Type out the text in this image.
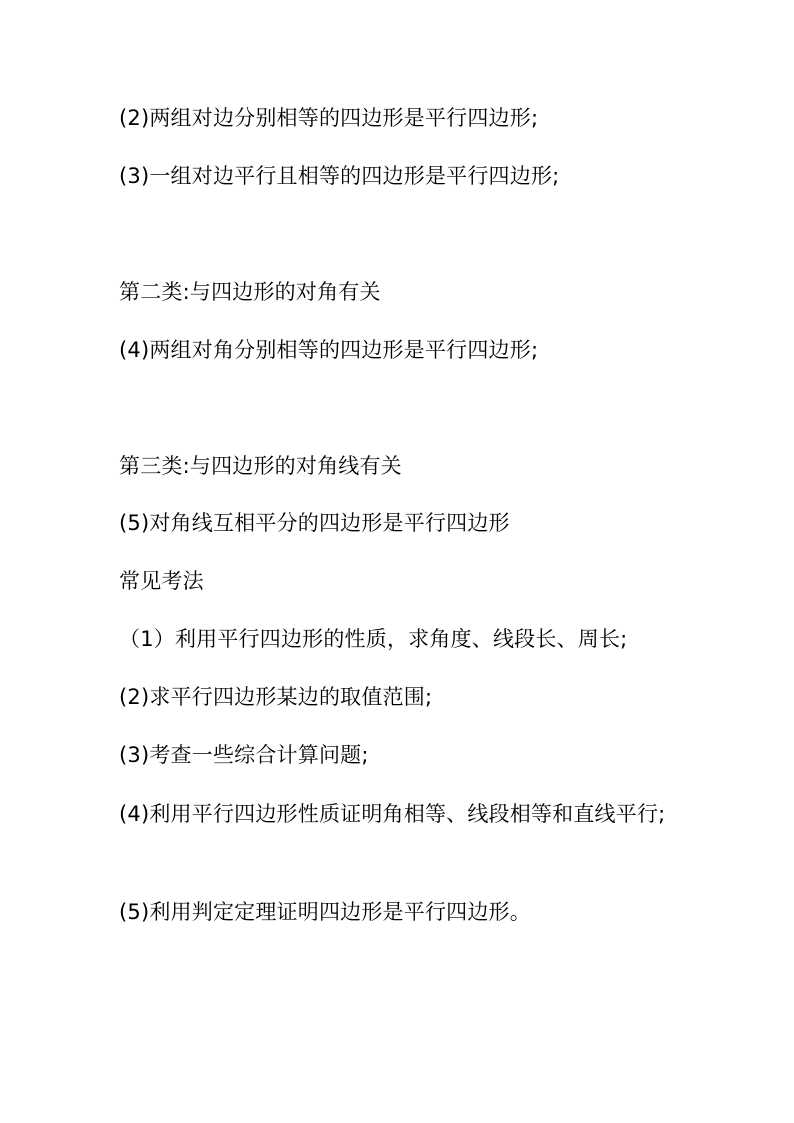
(2)两组对边分别相等的四边形是平行四边形;
(3)一组对边平行且相等的四边形是平行四边形;
第二类:与四边形的对角有关
(4)两组对角分别相等的四边形是平行四边形;
第三类:与四边形的对角线有关
(5)对角线互相平分的四边形是平行四边形
常见考法
（1）利用平行四边形的性质，求角度、线段长、周长;
(2)求平行四边形某边的取值范围;
(3)考查一些综合计算问题;
(4)利用平行四边形性质证明角相等、线段相等和直线平行;
(5)利用判定定理证明四边形是平行四边形。
